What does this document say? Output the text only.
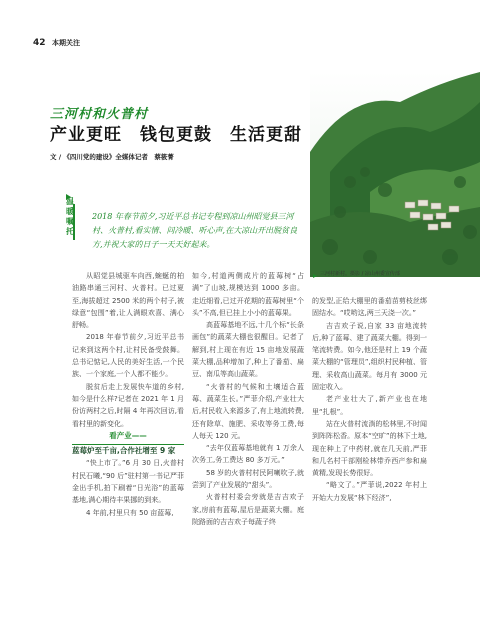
42 本期关注
三河村新村。摄影 / 凉山州委宣传部
三河村和火普村
产业更旺　钱包更鼓　生活更甜
文 / 《四川党的建设》全媒体记者　蔡筱菁
温暖嘱托
2018 年春节前夕,习近平总书记专程到凉山州昭觉县三河村、火普村,看实情、问冷暖、听心声,在大凉山开出脱贫良方,并祝大家的日子一天天好起来。

从昭觉县城驱车向西,蜿蜒的柏油路串通三河村、火普村。已过夏至,海拔超过 2500 米的两个村子,被绿意“包围”着,让人满眼欢喜、满心舒畅。

2018 年春节前夕,习近平总书记来到这两个村,让村民备受鼓舞。总书记惦记,人民的美好生活,一个民族、一个家庭,一个人都不能少。

脱贫后走上发展快车道的乡村,如今是什么样?记者在 2021 年 1 月份访两村之后,时隔 4 年再次回访,看看村里的新变化。

看产业——

蓝莓炉至千亩,合作社增至 9 家

“快上市了。”6 月 30 日,火普村村民石曦,“90 后”驻村第一书记严菲金出手机,拍下刷着“日光浴”的蓝莓基地,满心期待丰果挪的到来。

4 年前,村里只有 50 亩蓝莓,

如今,村道两侧成片的蓝莓树“占满”了山坡,规模达到 1000 多亩。走近细看,已过开花期的蓝莓树里“个头”不高,但已挂上小小的蓝莓果。

高蓝莓基地不远,十几个标“长条画包”的蔬菜大棚也很醒目。记者了解到,村上现在有近 15 亩地发展蔬菜大棚,品种增加了,种上了番茄、扁豆、南瓜等高山蔬菜。

“火普村的气候和土壤适合蓝莓、蔬菜生长。”严菲介绍,产业壮大后,村民收入来源多了,有上地流转费,还有除草、施肥、采收等务工费,每人每天 120 元。

“去年仅蓝莓基地就有 1 万余人次务工,务工费达 80 多万元。”

58 岁的火普村村民阿喇吹子,就尝到了产业发展的“甜头”。

火普村村委会旁就是吉吉欢子家,房前有蓝莓,屋后是蔬菜大棚。庭院路面的吉吉欢子每蔬子终

的发型,正给大棚里的番茄苗剪枝丝绑固结水。“哎哟这,两三天浇一次。”

吉吉欢子说,自家 33 亩地流转后,种了蓝莓、建了蔬菜大棚。得到一笔流转费。如今,他还是村上 19 个蔬菜大棚的“管理员”,组织村民种植、管理、采收高山蔬菜。每月有 3000 元固定收入。

老产业壮大了,新产业也在地里“扎根”。

站在火普村流淌的松林里,不时闻到阵阵松香。原本“空旷”的林下土地,现在种上了中药材,就在几天前,严菲和几名村干部刚检林带乔西产参和扁黄精,发现长势很好。

“略文了。”严菲说,2022 年村上开始大力发展“林下经济”,
